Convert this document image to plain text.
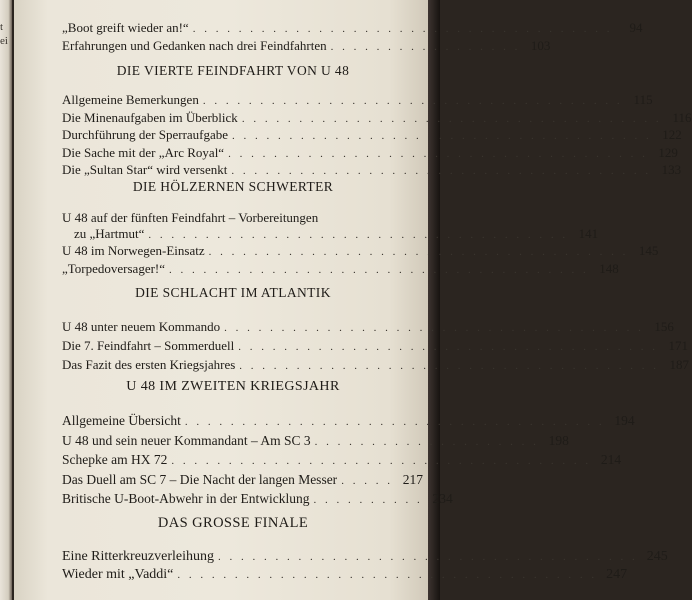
t
ei
„Boot greift wieder an!“ . . . . . . . . . . . . . . . . . . . . . . . . . . . . . . . . . . . . .	94
Erfahrungen und Gedanken nach drei Feindfahrten . . . . . . . . . . . . . . . . . 103
DIE VIERTE FEINDFAHRT VON U 48
Allgemeine Bemerkungen . . . . . . . . . . . . . . . . . . . . . . . . . . . . . . . . . . . . . 115
Die Minenaufgaben im Überblick . . . . . . . . . . . . . . . . . . . . . . . . . . . . . . . . . . . . . 116
Durchführung der Sperraufgabe . . . . . . . . . . . . . . . . . . . . . . . . . . . . . . . . . . . . . 122
Die Sache mit der „Arc Royal“ . . . . . . . . . . . . . . . . . . . . . . . . . . . . . . . . . . . . . 129
Die „Sultan Star“ wird versenkt . . . . . . . . . . . . . . . . . . . . . . . . . . . . . . . . . . . . . 133
DIE HÖLZERNEN SCHWERTER
U 48 auf der fünften Feindfahrt – Vorbereitungen
zu „Hartmut“ . . . . . . . . . . . . . . . . . . . . . . . . . . . . . . . . . . . . . 141
U 48 im Norwegen-Einsatz . . . . . . . . . . . . . . . . . . . . . . . . . . . . . . . . . . . . . 145
„Torpedoversager!“ . . . . . . . . . . . . . . . . . . . . . . . . . . . . . . . . . . . . . 148
DIE SCHLACHT IM ATLANTIK
U 48 unter neuem Kommando . . . . . . . . . . . . . . . . . . . . . . . . . . . . . . . . . . . . . 156
Die 7. Feindfahrt – Sommerduell . . . . . . . . . . . . . . . . . . . . . . . . . . . . . . . . . . . . . 171
Das Fazit des ersten Kriegsjahres . . . . . . . . . . . . . . . . . . . . . . . . . . . . . . . . . . . . . 187
U 48 IM ZWEITEN KRIEGSJAHR
Allgemeine Übersicht . . . . . . . . . . . . . . . . . . . . . . . . . . . . . . . . . . . . . 194
U 48 und sein neuer Kommandant – Am SC 3 . . . . . . . . . . . . . . . . . . . . 198
Schepke am HX 72 . . . . . . . . . . . . . . . . . . . . . . . . . . . . . . . . . . . . . 214
Das Duell am SC 7 – Die Nacht der langen Messer . . . . . 217
Britische U-Boot-Abwehr in der Entwicklung . . . . . . . . . . 234
DAS GROSSE FINALE
Eine Ritterkreuzverleihung . . . . . . . . . . . . . . . . . . . . . . . . . . . . . . . . . . . . . 245
Wieder mit „Vaddi“ . . . . . . . . . . . . . . . . . . . . . . . . . . . . . . . . . . . . . 247
